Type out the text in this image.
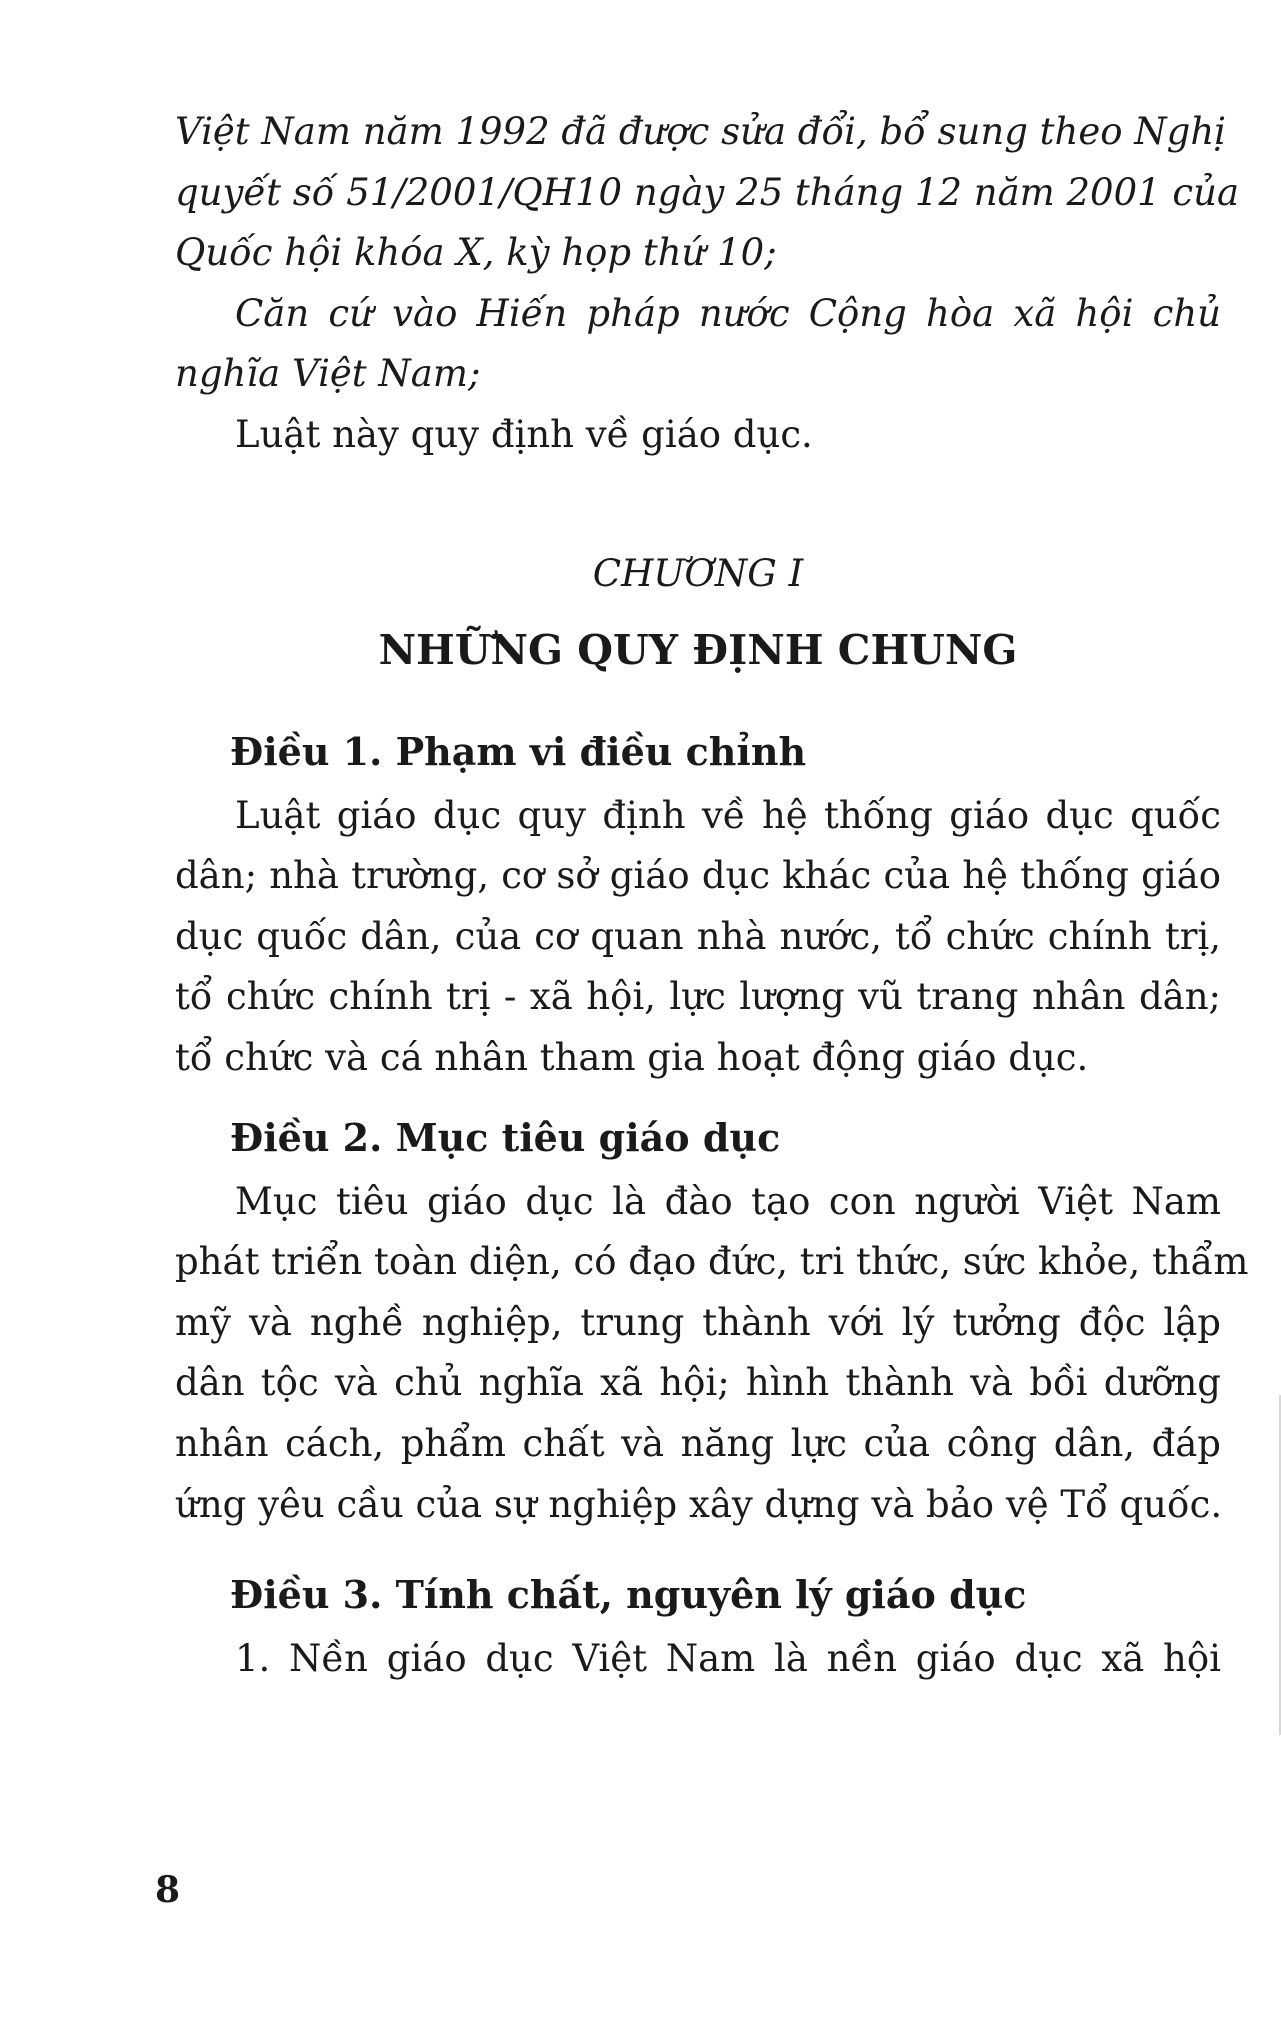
Việt Nam năm 1992 đã được sửa đổi, bổ sung theo Nghị

quyết số 51/2001/QH10 ngày 25 tháng 12 năm 2001 của

Quốc hội khóa X, kỳ họp thứ 10;

Căn cứ vào Hiến pháp nước Cộng hòa xã hội chủ

nghĩa Việt Nam;

Luật này quy định về giáo dục.

CHƯƠNG I
NHỮNG QUY ĐỊNH CHUNG
Điều 1. Phạm vi điều chỉnh

Luật giáo dục quy định về hệ thống giáo dục quốc

dân; nhà trường, cơ sở giáo dục khác của hệ thống giáo

dục quốc dân, của cơ quan nhà nước, tổ chức chính trị,

tổ chức chính trị - xã hội, lực lượng vũ trang nhân dân;

tổ chức và cá nhân tham gia hoạt động giáo dục.

Điều 2. Mục tiêu giáo dục

Mục tiêu giáo dục là đào tạo con người Việt Nam

phát triển toàn diện, có đạo đức, tri thức, sức khỏe, thẩm

mỹ và nghề nghiệp, trung thành với lý tưởng độc lập

dân tộc và chủ nghĩa xã hội; hình thành và bồi dưỡng

nhân cách, phẩm chất và năng lực của công dân, đáp

ứng yêu cầu của sự nghiệp xây dựng và bảo vệ Tổ quốc.

Điều 3. Tính chất, nguyên lý giáo dục

1. Nền giáo dục Việt Nam là nền giáo dục xã hội

8
